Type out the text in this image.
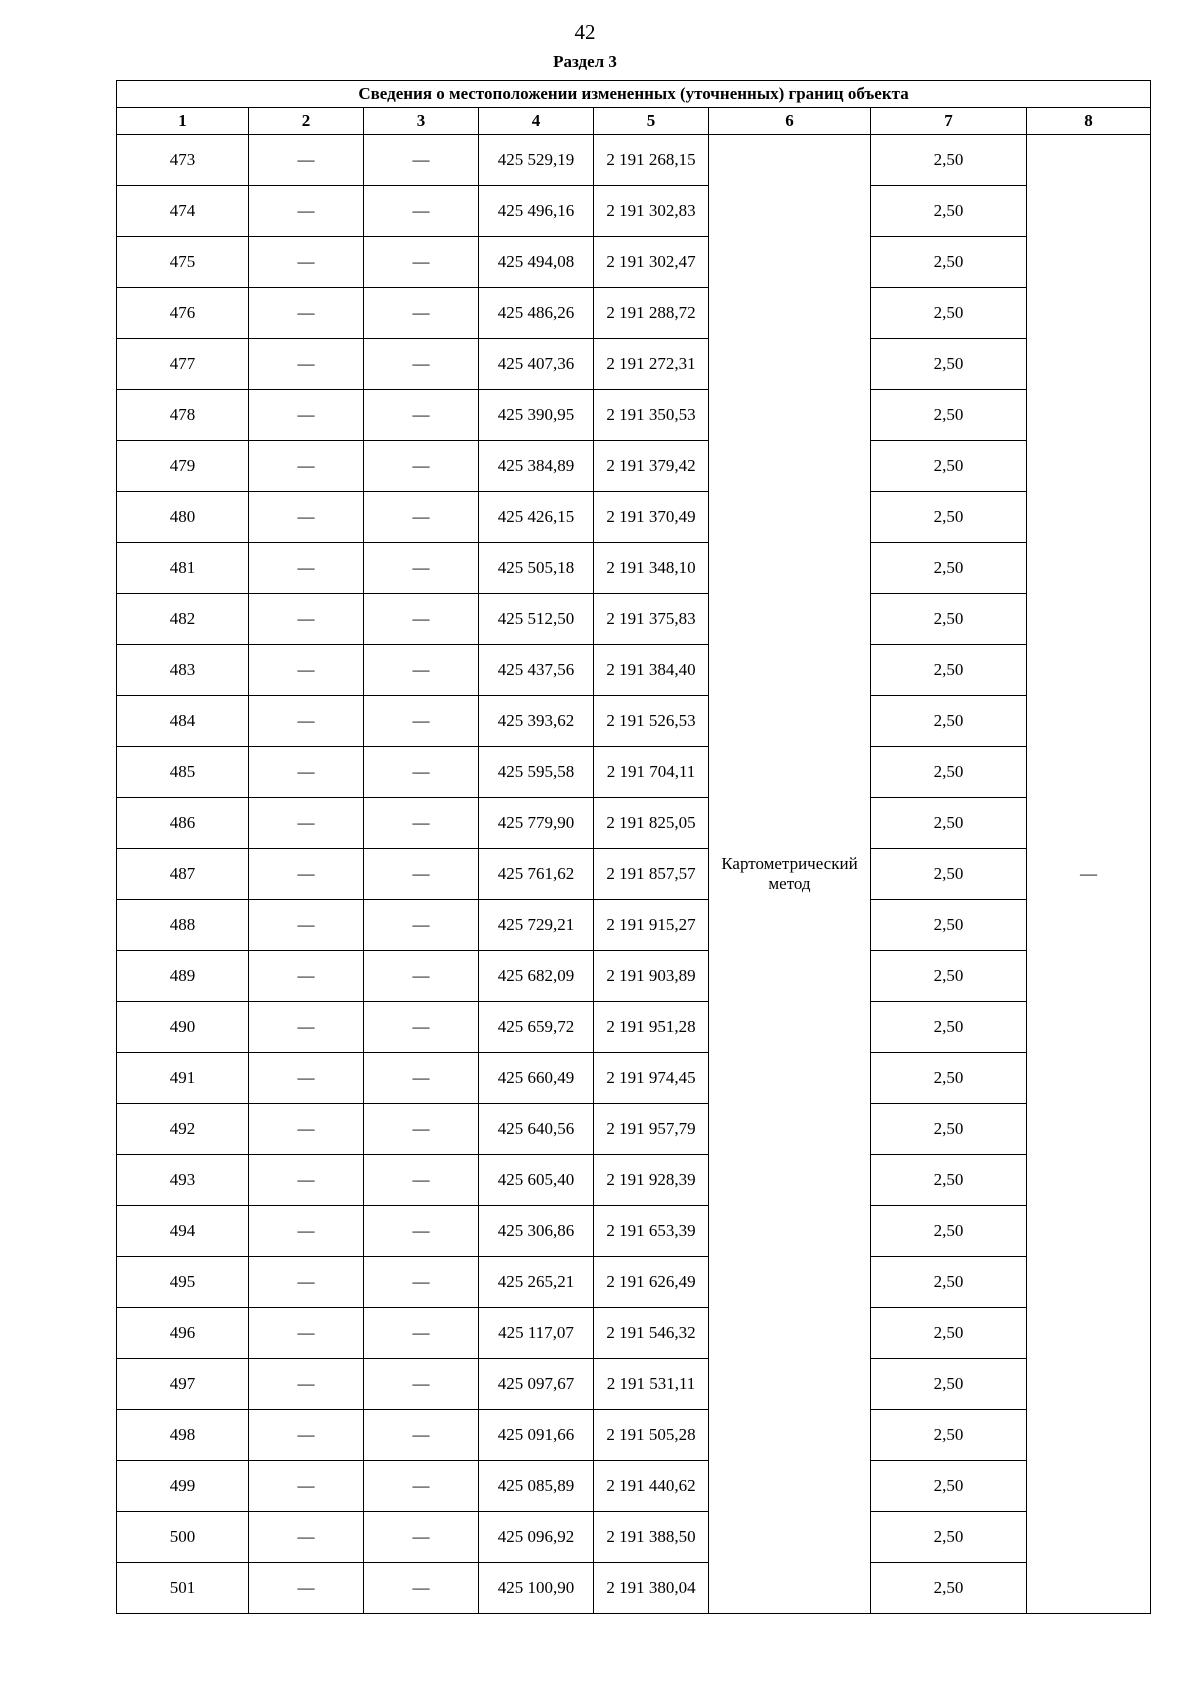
42
Раздел 3
Сведения о местоположении измененных (уточненных) границ объекта							
1	2	3	4	5	6	7	8
473	—	—	425 529,19	2 191 268,15	Картометрический метод	2,50	—
474	—	—	425 496,16	2 191 302,83		2,50	
475	—	—	425 494,08	2 191 302,47		2,50	
476	—	—	425 486,26	2 191 288,72		2,50	
477	—	—	425 407,36	2 191 272,31		2,50	
478	—	—	425 390,95	2 191 350,53		2,50	
479	—	—	425 384,89	2 191 379,42		2,50	
480	—	—	425 426,15	2 191 370,49		2,50	
481	—	—	425 505,18	2 191 348,10		2,50	
482	—	—	425 512,50	2 191 375,83		2,50	
483	—	—	425 437,56	2 191 384,40		2,50	
484	—	—	425 393,62	2 191 526,53		2,50	
485	—	—	425 595,58	2 191 704,11		2,50	
486	—	—	425 779,90	2 191 825,05		2,50	
487	—	—	425 761,62	2 191 857,57		2,50	
488	—	—	425 729,21	2 191 915,27		2,50	
489	—	—	425 682,09	2 191 903,89		2,50	
490	—	—	425 659,72	2 191 951,28		2,50	
491	—	—	425 660,49	2 191 974,45		2,50	
492	—	—	425 640,56	2 191 957,79		2,50	
493	—	—	425 605,40	2 191 928,39		2,50	
494	—	—	425 306,86	2 191 653,39		2,50	
495	—	—	425 265,21	2 191 626,49		2,50	
496	—	—	425 117,07	2 191 546,32		2,50	
497	—	—	425 097,67	2 191 531,11		2,50	
498	—	—	425 091,66	2 191 505,28		2,50	
499	—	—	425 085,89	2 191 440,62		2,50	
500	—	—	425 096,92	2 191 388,50		2,50	
501	—	—	425 100,90	2 191 380,04		2,50	
